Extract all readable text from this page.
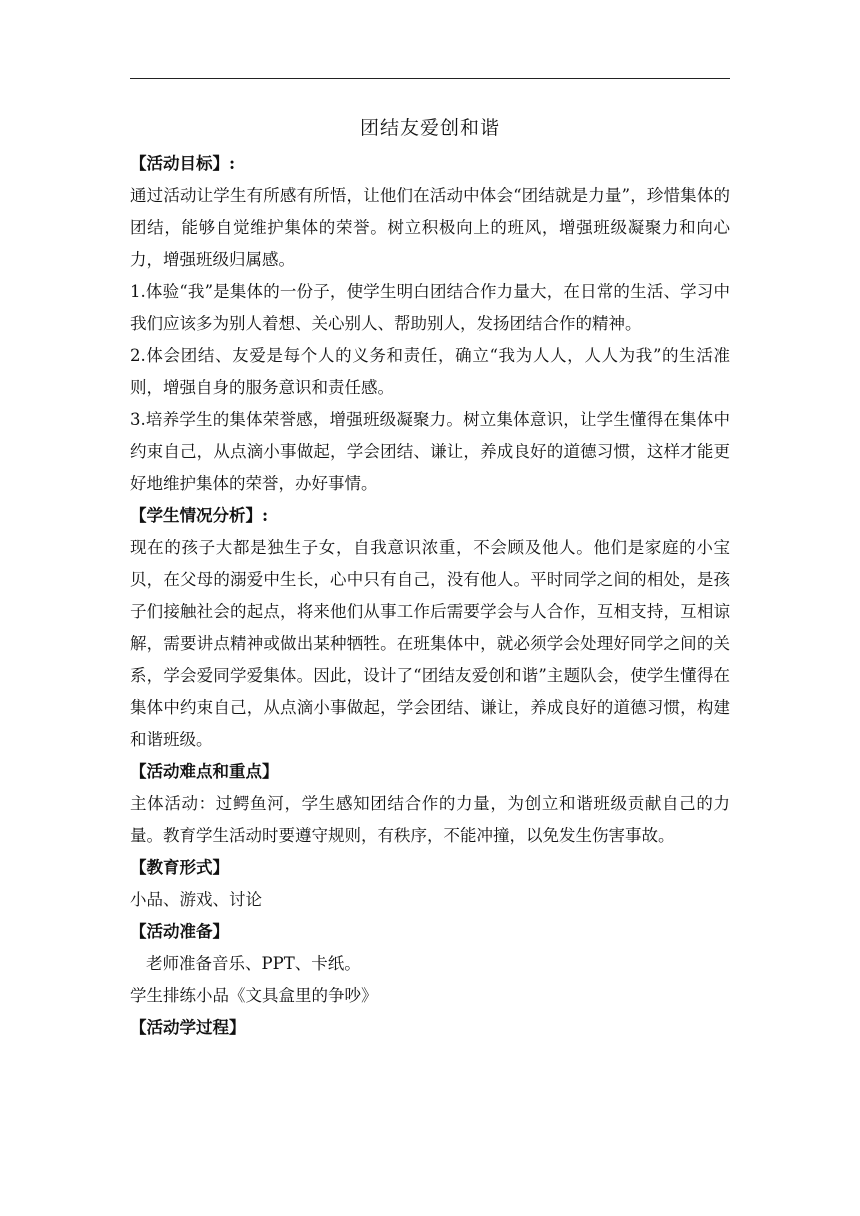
团结友爱创和谐
【活动目标】:

通过活动让学生有所感有所悟，让他们在活动中体会“团结就是力量”，珍惜集体的团结，能够自觉维护集体的荣誉。树立积极向上的班风，增强班级凝聚力和向心力，增强班级归属感。

1.体验“我”是集体的一份子，使学生明白团结合作力量大，在日常的生活、学习中我们应该多为别人着想、关心别人、帮助别人，发扬团结合作的精神。

2.体会团结、友爱是每个人的义务和责任，确立“我为人人，人人为我”的生活准则，增强自身的服务意识和责任感。

3.培养学生的集体荣誉感，增强班级凝聚力。树立集体意识，让学生懂得在集体中约束自己，从点滴小事做起，学会团结、谦让，养成良好的道德习惯，这样才能更好地维护集体的荣誉，办好事情。

【学生情况分析】:

现在的孩子大都是独生子女，自我意识浓重，不会顾及他人。他们是家庭的小宝贝，在父母的溺爱中生长，心中只有自己，没有他人。平时同学之间的相处，是孩子们接触社会的起点，将来他们从事工作后需要学会与人合作，互相支持，互相谅解，需要讲点精神或做出某种牺牲。在班集体中，就必须学会处理好同学之间的关系，学会爱同学爱集体。因此，设计了“团结友爱创和谐”主题队会，使学生懂得在集体中约束自己，从点滴小事做起，学会团结、谦让，养成良好的道德习惯，构建和谐班级。

【活动难点和重点】

主体活动：过鳄鱼河，学生感知团结合作的力量，为创立和谐班级贡献自己的力量。教育学生活动时要遵守规则，有秩序，不能冲撞，以免发生伤害事故。

【教育形式】

小品、游戏、讨论

【活动准备】

老师准备音乐、PPT、卡纸。

学生排练小品《文具盒里的争吵》

【活动学过程】
